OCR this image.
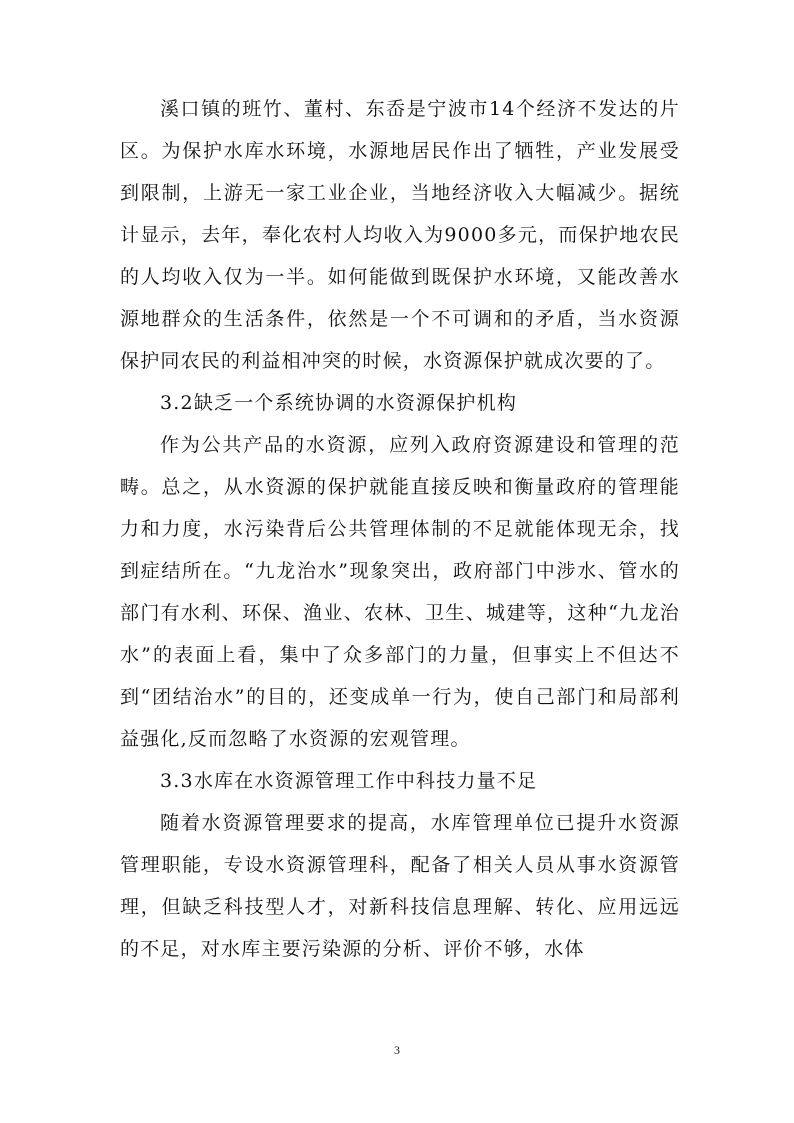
溪口镇的班竹、董村、东岙是宁波市14个经济不发达的片区。为保护水库水环境，水源地居民作出了牺牲，产业发展受到限制，上游无一家工业企业，当地经济收入大幅减少。据统计显示，去年，奉化农村人均收入为9000多元，而保护地农民的人均收入仅为一半。如何能做到既保护水环境，又能改善水源地群众的生活条件，依然是一个不可调和的矛盾，当水资源保护同农民的利益相冲突的时候，水资源保护就成次要的了。

3.2缺乏一个系统协调的水资源保护机构

作为公共产品的水资源，应列入政府资源建设和管理的范畴。总之，从水资源的保护就能直接反映和衡量政府的管理能力和力度，水污染背后公共管理体制的不足就能体现无余，找到症结所在。“九龙治水”现象突出，政府部门中涉水、管水的部门有水利、环保、渔业、农林、卫生、城建等，这种“九龙治水”的表面上看，集中了众多部门的力量，但事实上不但达不到“团结治水”的目的，还变成单一行为，使自己部门和局部利益强化,反而忽略了水资源的宏观管理。

3.3水库在水资源管理工作中科技力量不足

随着水资源管理要求的提高，水库管理单位已提升水资源管理职能，专设水资源管理科，配备了相关人员从事水资源管理，但缺乏科技型人才，对新科技信息理解、转化、应用远远的不足，对水库主要污染源的分析、评价不够，水体

3
